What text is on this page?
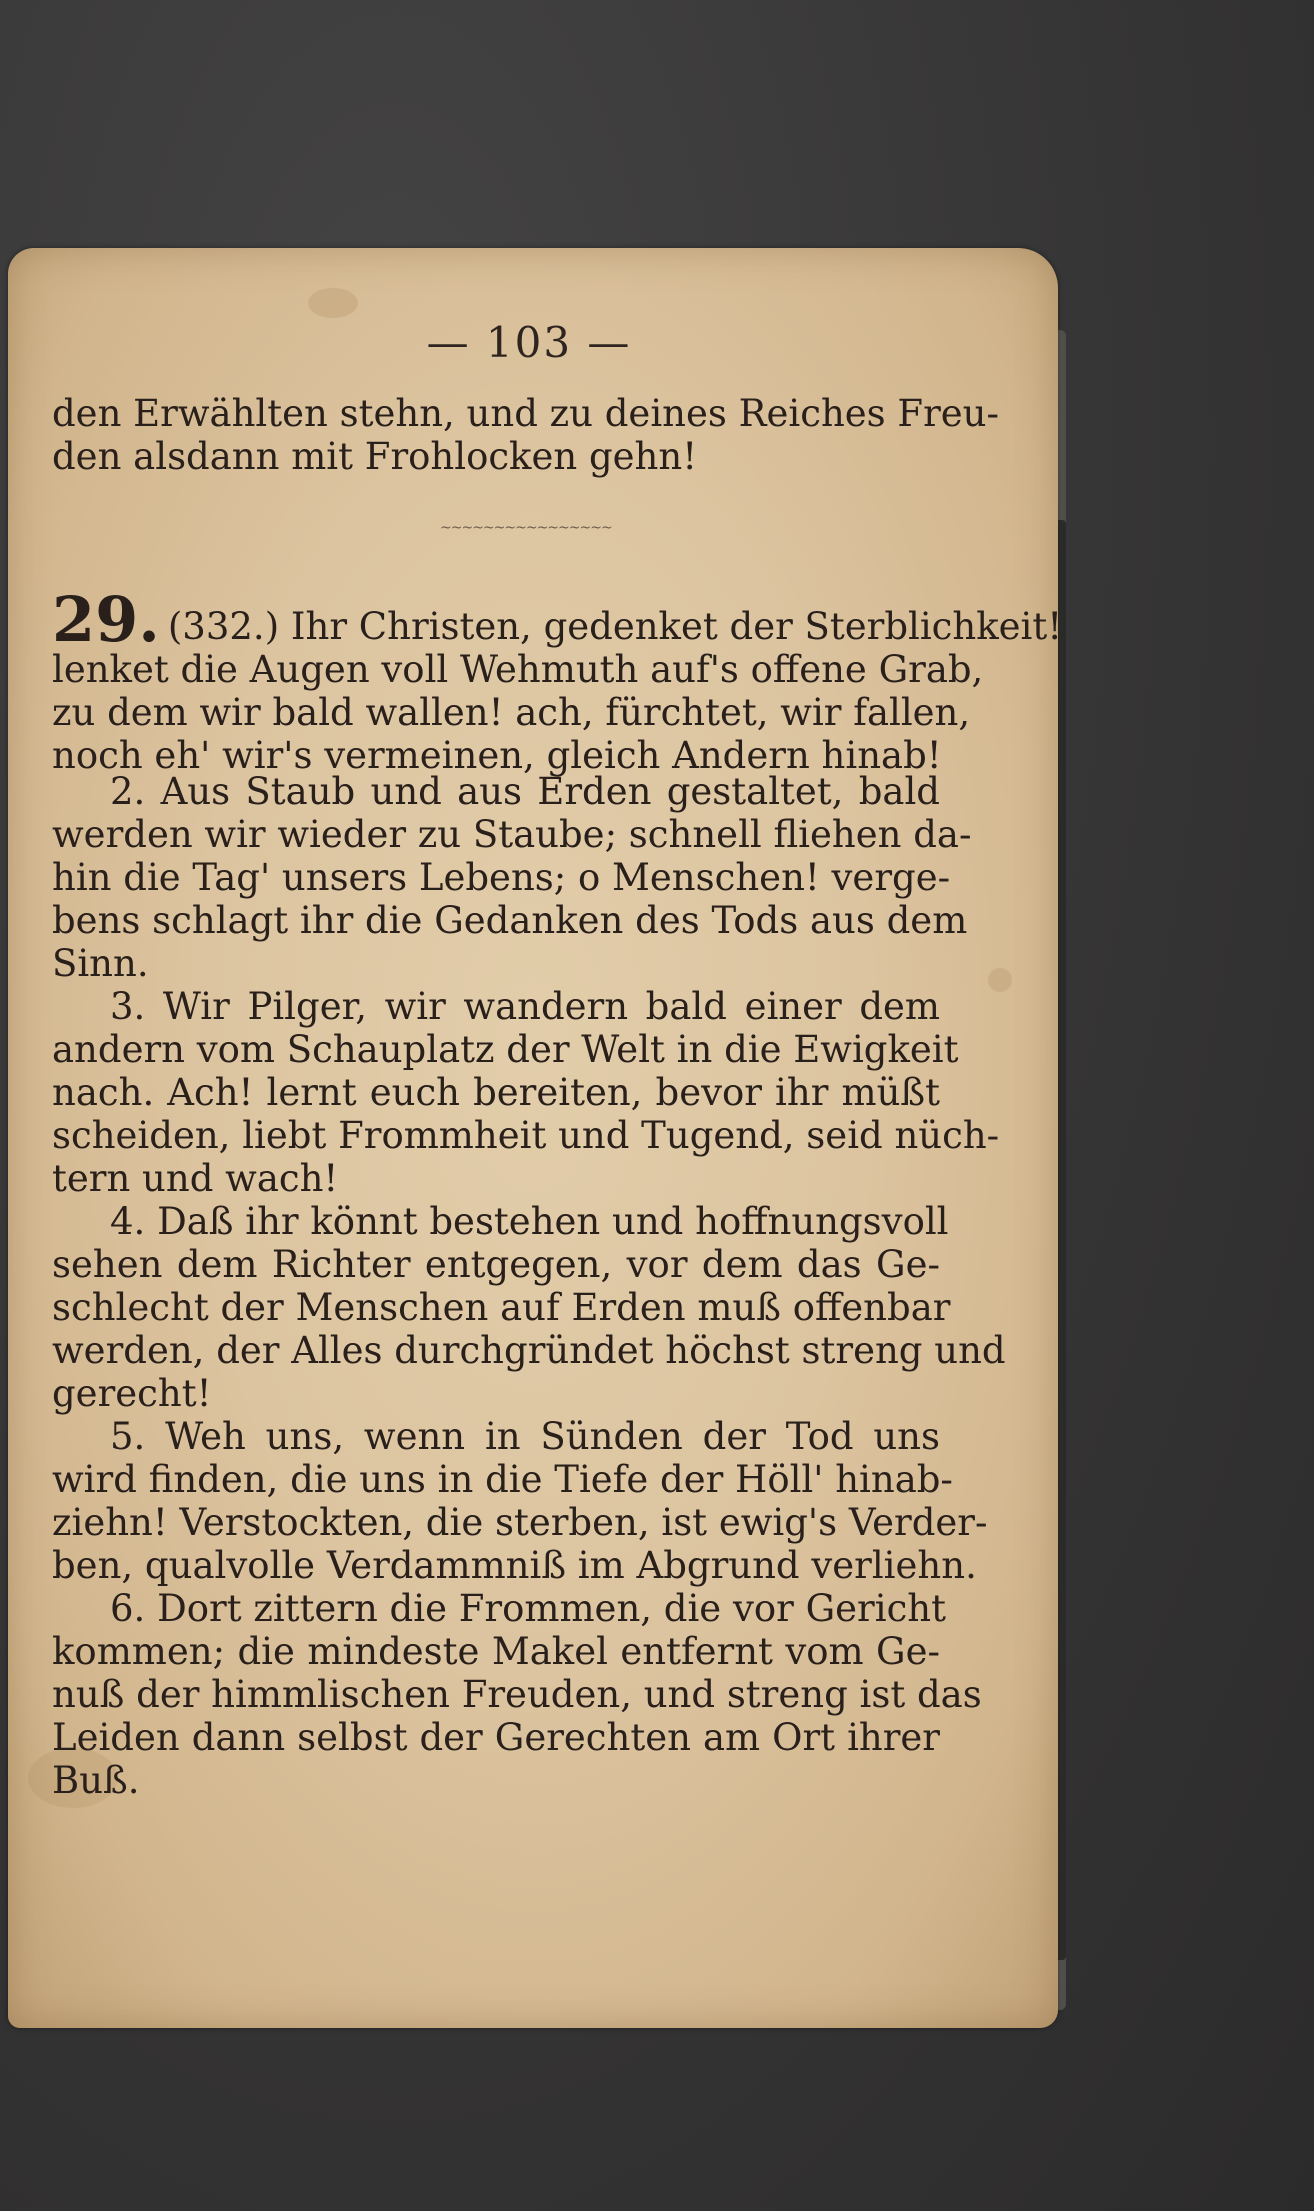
— 103 —
den Erwählten stehn, und zu deines Reiches Freu-
den alsdann mit Frohlocken gehn!
~~~~~~~~~~~~~~~~
29. (332.) Ihr Christen, gedenket der Sterblichkeit!
lenket die Augen voll Wehmuth auf's offene Grab,
zu dem wir bald wallen! ach, fürchtet, wir fallen,
noch eh' wir's vermeinen, gleich Andern hinab!
2. Aus Staub und aus Erden gestaltet, bald
werden wir wieder zu Staube; schnell fliehen da-
hin die Tag' unsers Lebens; o Menschen! verge-
bens schlagt ihr die Gedanken des Tods aus dem
Sinn.
3. Wir Pilger, wir wandern bald einer dem
andern vom Schauplatz der Welt in die Ewigkeit
nach. Ach! lernt euch bereiten, bevor ihr müßt
scheiden, liebt Frommheit und Tugend, seid nüch-
tern und wach!
4. Daß ihr könnt bestehen und hoffnungsvoll
sehen dem Richter entgegen, vor dem das Ge-
schlecht der Menschen auf Erden muß offenbar
werden, der Alles durchgründet höchst streng und
gerecht!
5. Weh uns, wenn in Sünden der Tod uns
wird finden, die uns in die Tiefe der Höll' hinab-
ziehn! Verstockten, die sterben, ist ewig's Verder-
ben, qualvolle Verdammniß im Abgrund verliehn.
6. Dort zittern die Frommen, die vor Gericht
kommen; die mindeste Makel entfernt vom Ge-
nuß der himmlischen Freuden, und streng ist das
Leiden dann selbst der Gerechten am Ort ihrer
Buß.
